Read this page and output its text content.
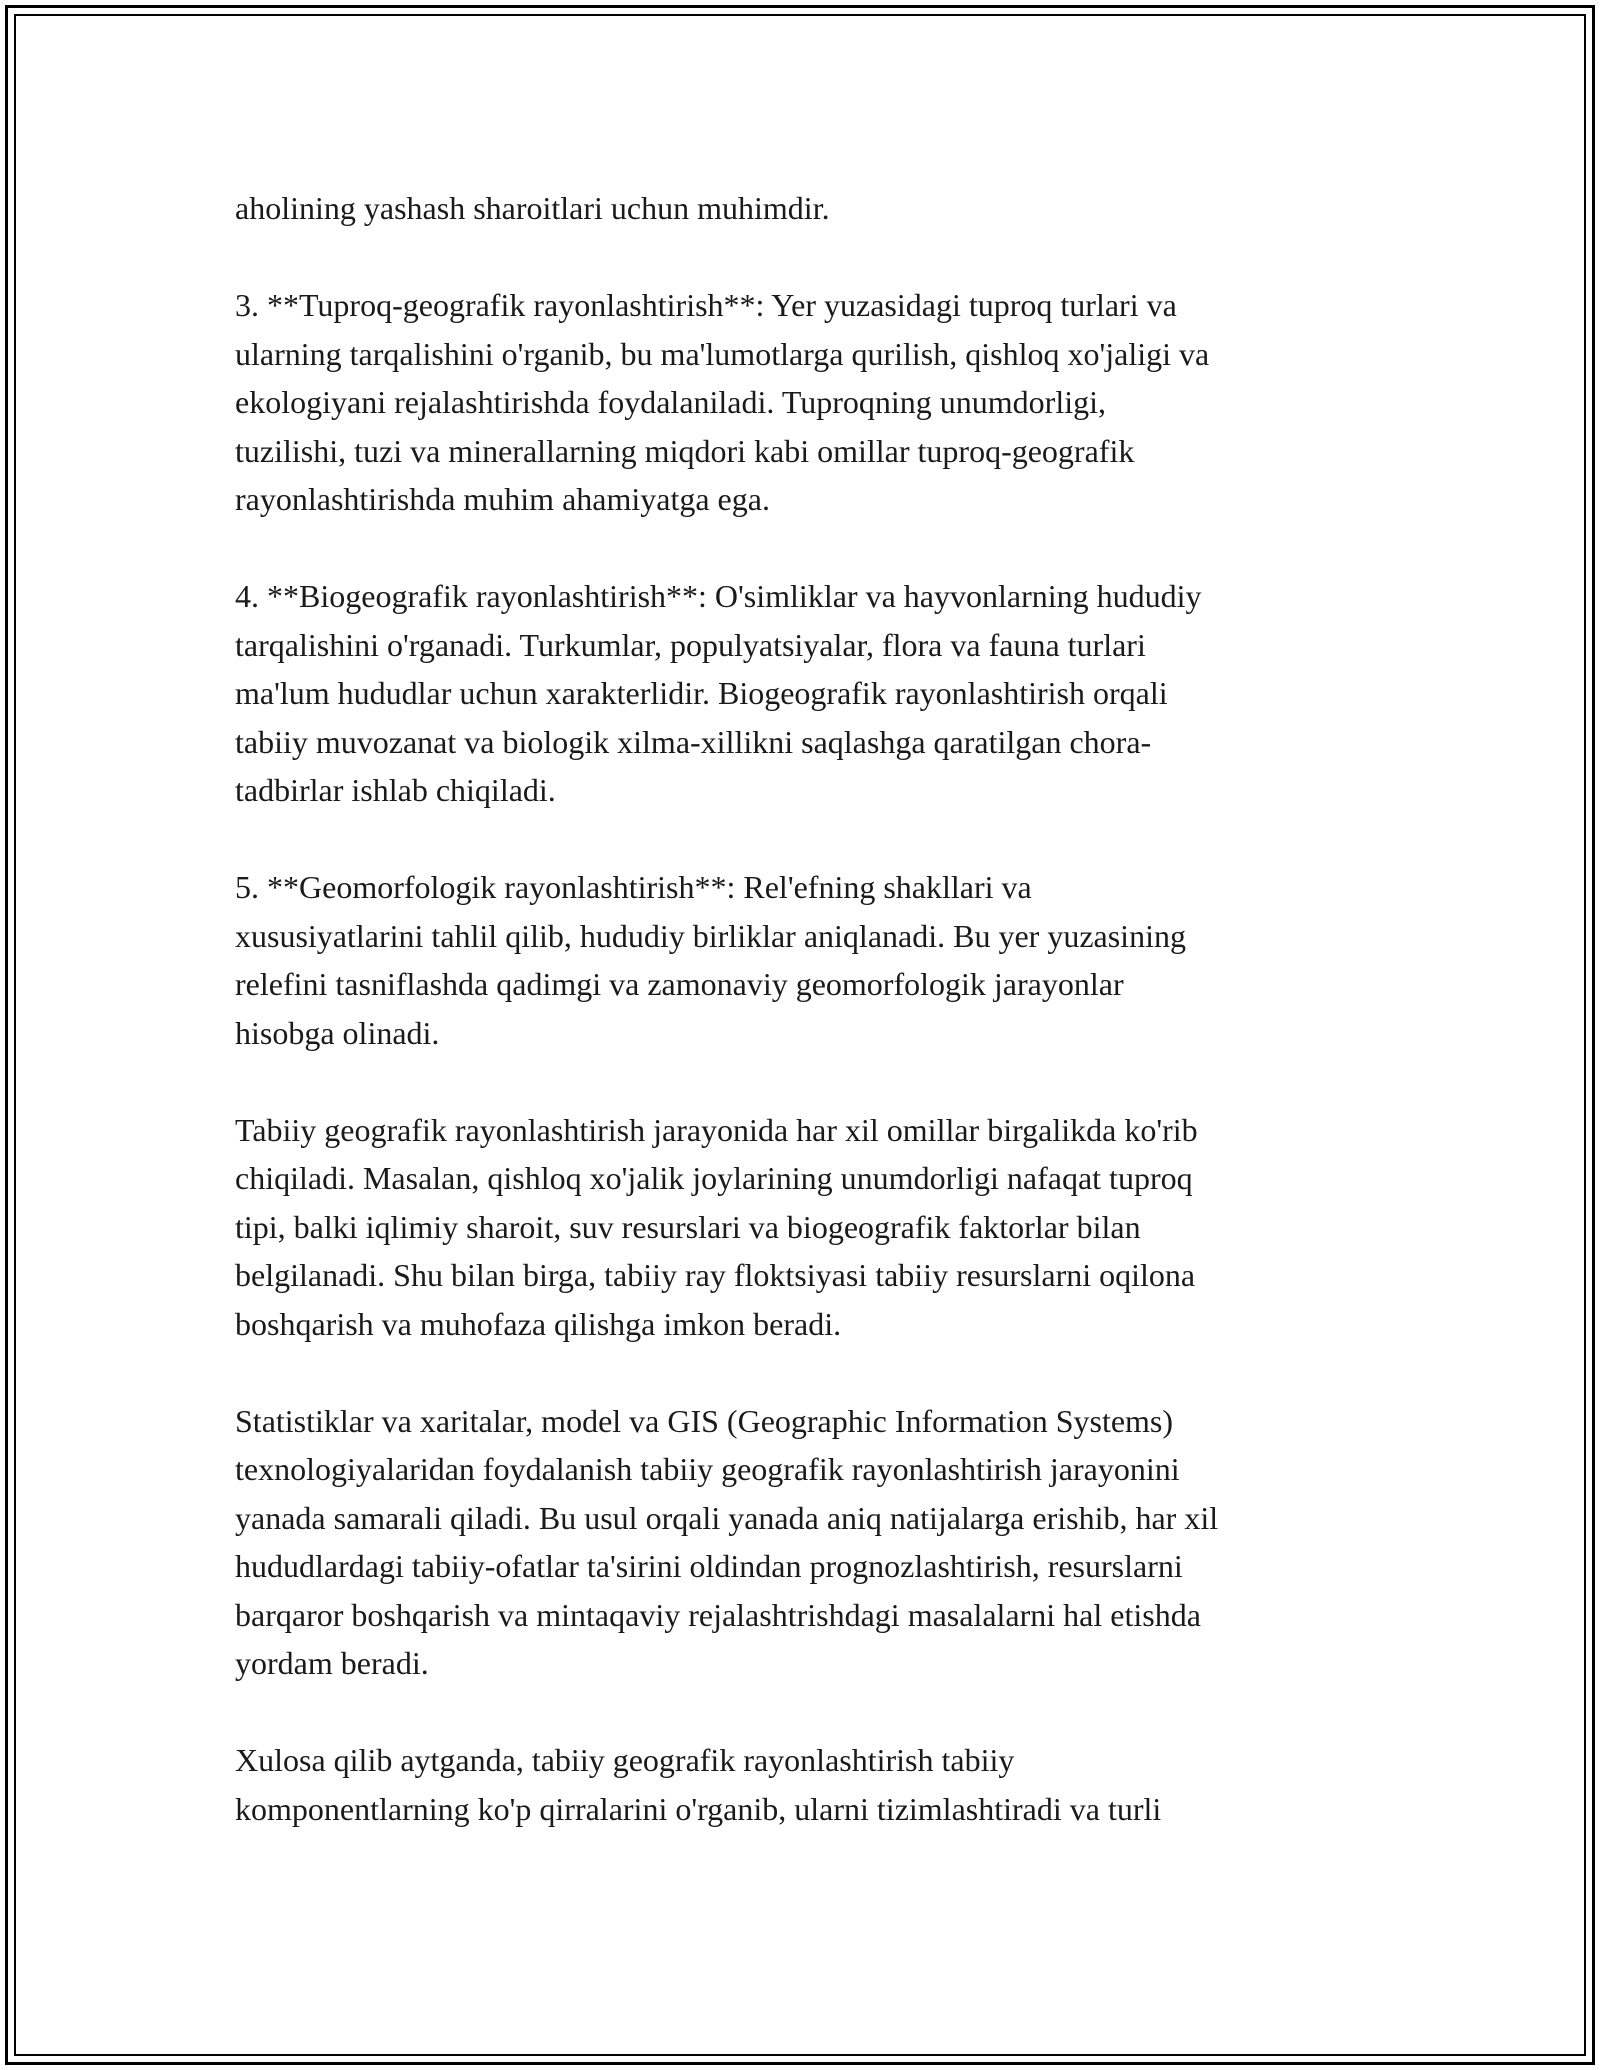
aholining yashash sharoitlari uchun muhimdir.

3. **Tuproq-geografik rayonlashtirish**: Yer yuzasidagi tuproq turlari va
ularning tarqalishini o'rganib, bu ma'lumotlarga qurilish, qishloq xo'jaligi va
ekologiyani rejalashtirishda foydalaniladi. Tuproqning unumdorligi,
tuzilishi, tuzi va minerallarning miqdori kabi omillar tuproq-geografik
rayonlashtirishda muhim ahamiyatga ega.

4. **Biogeografik rayonlashtirish**: O'simliklar va hayvonlarning hududiy
tarqalishini o'rganadi. Turkumlar, populyatsiyalar, flora va fauna turlari
ma'lum hududlar uchun xarakterlidir. Biogeografik rayonlashtirish orqali
tabiiy muvozanat va biologik xilma-xillikni saqlashga qaratilgan chora-
tadbirlar ishlab chiqiladi.

5. **Geomorfologik rayonlashtirish**: Rel'efning shakllari va
xususiyatlarini tahlil qilib, hududiy birliklar aniqlanadi. Bu yer yuzasining
relefini tasniflashda qadimgi va zamonaviy geomorfologik jarayonlar
hisobga olinadi.

Tabiiy geografik rayonlashtirish jarayonida har xil omillar birgalikda ko'rib
chiqiladi. Masalan, qishloq xo'jalik joylarining unumdorligi nafaqat tuproq
tipi, balki iqlimiy sharoit, suv resurslari va biogeografik faktorlar bilan
belgilanadi. Shu bilan birga, tabiiy ray floktsiyasi tabiiy resurslarni oqilona
boshqarish va muhofaza qilishga imkon beradi.

Statistiklar va xaritalar, model va GIS (Geographic Information Systems)
texnologiyalaridan foydalanish tabiiy geografik rayonlashtirish jarayonini
yanada samarali qiladi. Bu usul orqali yanada aniq natijalarga erishib, har xil
hududlardagi tabiiy-ofatlar ta'sirini oldindan prognozlashtirish, resurslarni
barqaror boshqarish va mintaqaviy rejalashtrishdagi masalalarni hal etishda
yordam beradi.

Xulosa qilib aytganda, tabiiy geografik rayonlashtirish tabiiy
komponentlarning ko'p qirralarini o'rganib, ularni tizimlashtiradi va turli
